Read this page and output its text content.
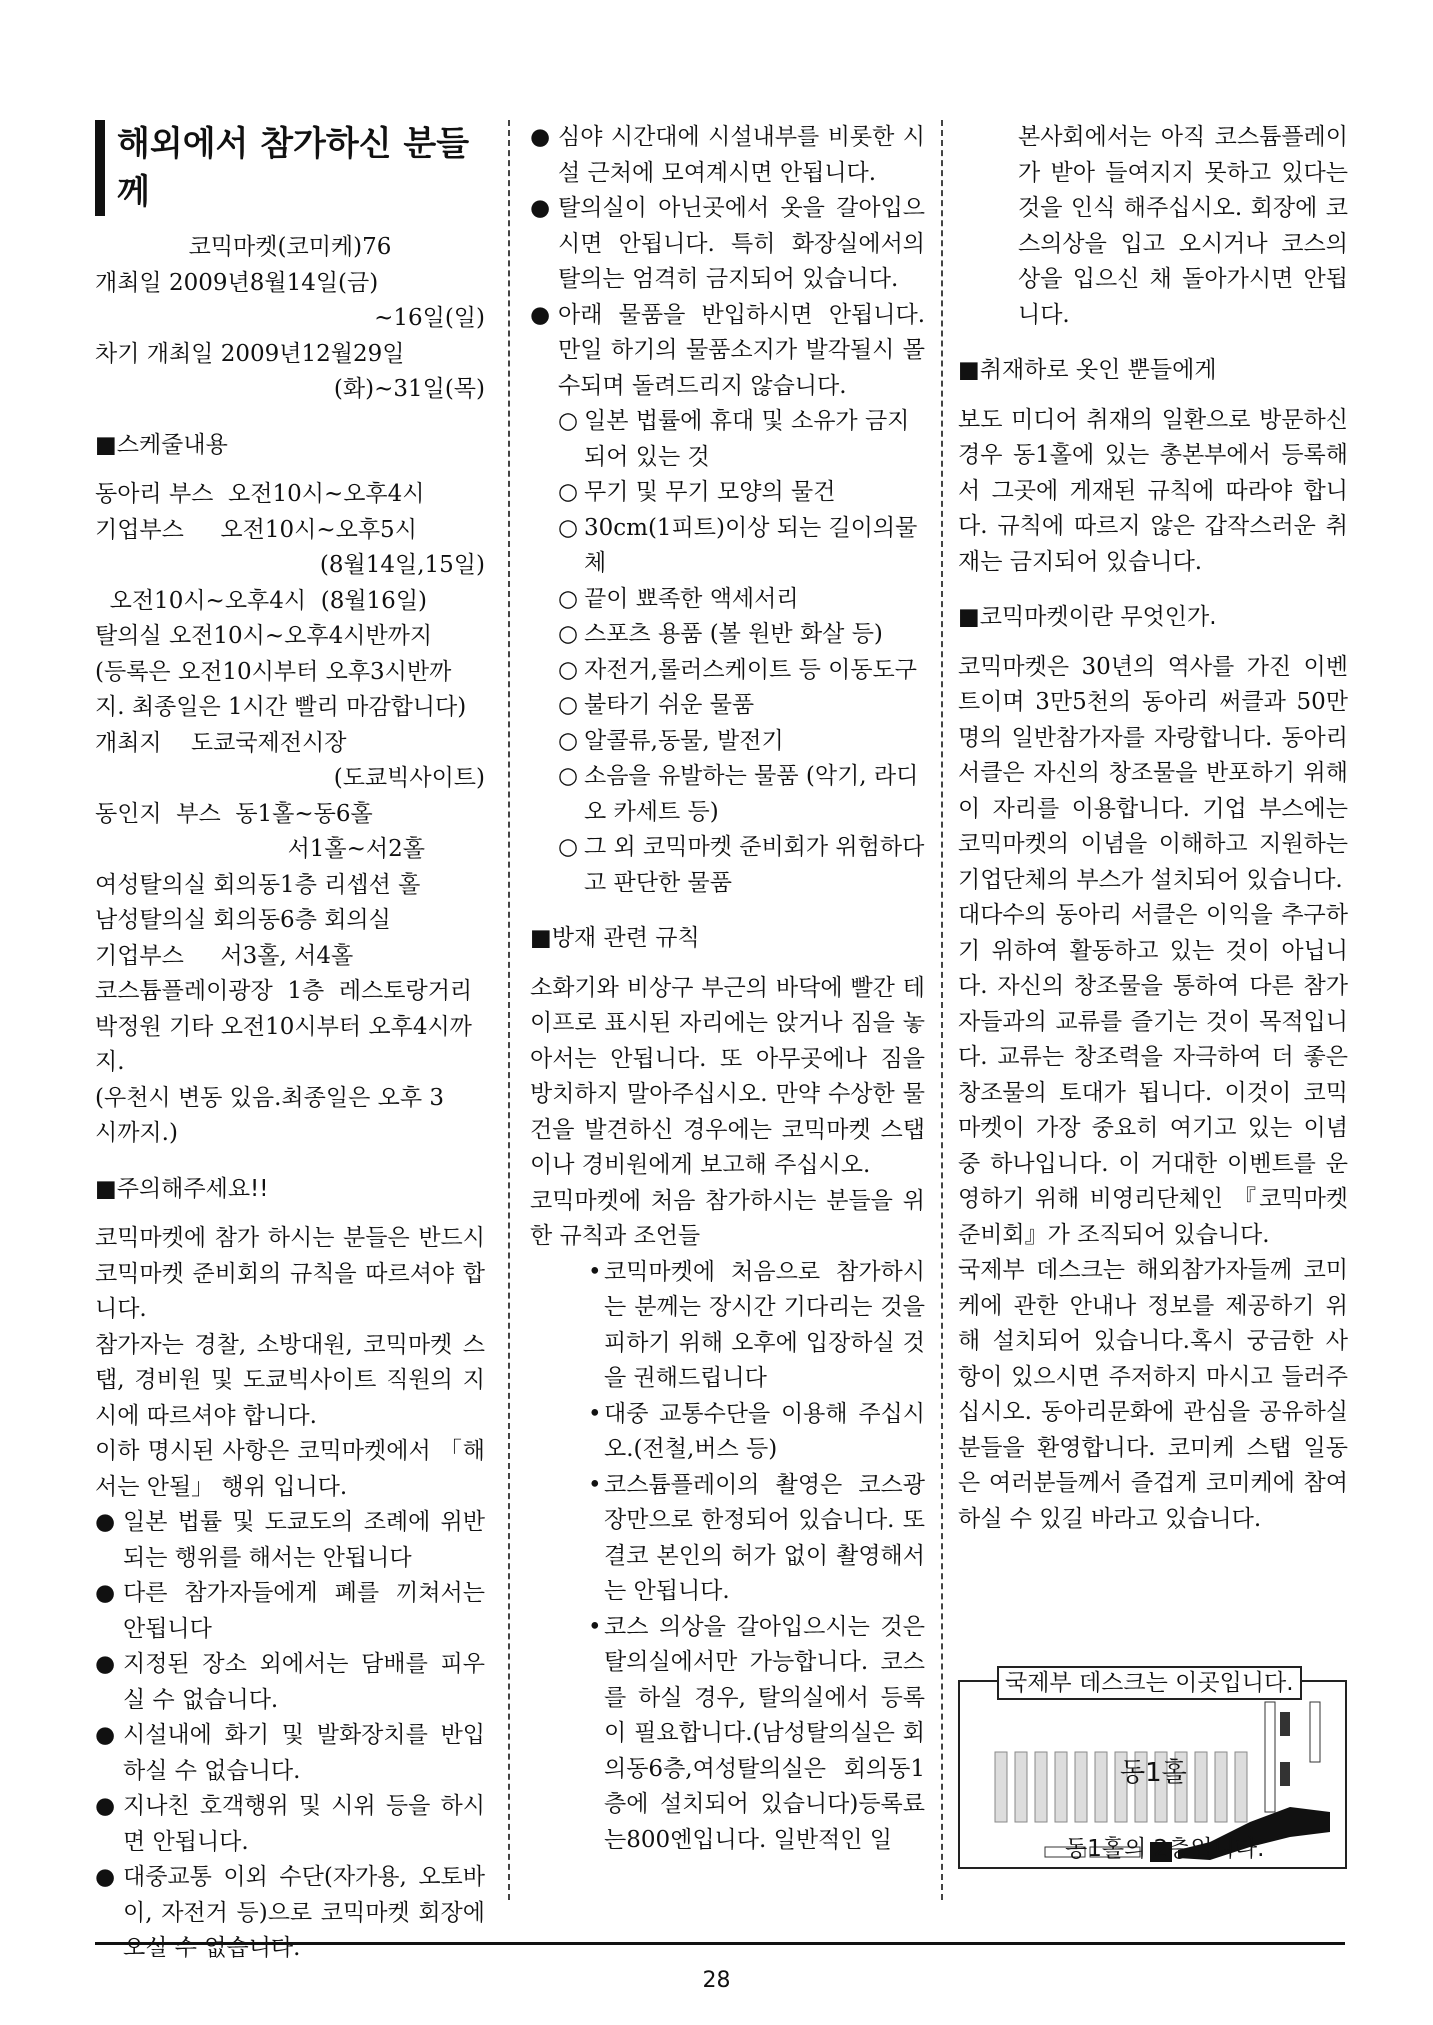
해외에서 참가하신 분들께
코믹마켓(코미케)76
개최일 2009년8월14일(금)
~16일(일)
차기 개최일 2009년12월29일
(화)~31일(목)
■스케줄내용
동아리 부스  오전10시~오후4시
기업부스     오전10시~오후5시
(8월14일,15일)
오전10시~오후4시  (8월16일)
탈의실 오전10시~오후4시반까지
(등록은 오전10시부터 오후3시반까
지. 최종일은 1시간 빨리 마감합니다)
개최지    도쿄국제전시장
(도쿄빅사이트)
동인지  부스  동1홀~동6홀
서1홀~서2홀
여성탈의실 회의동1층 리셉션 홀
남성탈의실 회의동6층 회의실
기업부스     서3홀, 서4홀
코스튬플레이광장  1층  레스토랑거리
박정원 기타 오전10시부터 오후4시까지.
(우천시 변동 있음.최종일은 오후 3
시까지.)
■주의해주세요!!

코믹마켓에 참가 하시는 분들은 반드시 코믹마켓 준비회의 규칙을 따르셔야 합니다.

참가자는 경찰, 소방대원, 코믹마켓 스탭, 경비원 및 도쿄빅사이트 직원의 지시에 따르셔야 합니다.

이하 명시된 사항은 코믹마켓에서 「해서는 안될」 행위 입니다.

● 일본 법률 및 도쿄도의 조례에 위반되는 행위를 해서는 안됩니다
● 다른 참가자들에게 폐를 끼쳐서는 안됩니다
● 지정된 장소 외에서는 담배를 피우실 수 없습니다.
● 시설내에 화기 및 발화장치를 반입하실 수 없습니다.
● 지나친 호객행위 및 시위 등을 하시면 안됩니다.
● 대중교통 이외 수단(자가용, 오토바이, 자전거 등)으로 코믹마켓 회장에 오실 수 없습니다.
● 심야 시간대에 시설내부를 비롯한 시설 근처에 모여계시면 안됩니다.
● 탈의실이 아닌곳에서 옷을 갈아입으시면 안됩니다. 특히 화장실에서의 탈의는 엄격히 금지되어 있습니다.
● 아래 물품을 반입하시면 안됩니다. 만일 하기의 물품소지가 발각될시 몰수되며 돌려드리지 않습니다.
○ 일본 법률에 휴대 및 소유가 금지되어 있는 것
○ 무기 및 무기 모양의 물건
○ 30cm(1피트)이상 되는 길이의물체
○ 끝이 뾰족한 액세서리
○ 스포츠 용품 (볼 원반 화살 등)
○ 자전거,롤러스케이트 등 이동도구
○ 불타기 쉬운 물품
○ 알콜류,동물, 발전기
○ 소음을 유발하는 물품 (악기, 라디오 카세트 등)
○ 그 외 코믹마켓 준비회가 위험하다고 판단한 물품
■방재 관련 규칙

소화기와 비상구 부근의 바닥에 빨간 테이프로 표시된 자리에는 앉거나 짐을 놓아서는 안됩니다. 또 아무곳에나 짐을 방치하지 말아주십시오. 만약 수상한 물건을 발견하신 경우에는 코믹마켓 스탭이나 경비원에게 보고해 주십시오.

코믹마켓에 처음 참가하시는 분들을 위한 규칙과 조언들

• 코믹마켓에 처음으로 참가하시는 분께는 장시간 기다리는 것을 피하기 위해 오후에 입장하실 것을 권해드립니다
• 대중 교통수단을 이용해 주십시오.(전철,버스 등)
• 코스튬플레이의 촬영은 코스광장만으로 한정되어 있습니다. 또 결코 본인의 허가 없이 촬영해서는 안됩니다.
• 코스 의상을 갈아입으시는 것은 탈의실에서만 가능합니다. 코스를 하실 경우, 탈의실에서 등록이 필요합니다.(남성탈의실은 회의동6층,여성탈의실은 회의동1층에 설치되어 있습니다)등록료는800엔입니다. 일반적인 일

본사회에서는 아직 코스튬플레이가 받아 들여지지 못하고 있다는 것을 인식 해주십시오. 회장에 코스의상을 입고 오시거나 코스의상을 입으신 채 돌아가시면 안됩니다.

■취재하로 옷인 뿐들에게

보도 미디어 취재의 일환으로 방문하신 경우 동1홀에 있는 총본부에서 등록해서 그곳에 게재된 규칙에 따라야 합니다. 규칙에 따르지 않은 갑작스러운 취재는 금지되어 있습니다.

■코믹마켓이란 무엇인가.

코믹마켓은 30년의 역사를 가진 이벤트이며 3만5천의 동아리 써클과 50만명의 일반참가자를 자랑합니다. 동아리 서클은 자신의 창조물을 반포하기 위해 이 자리를 이용합니다. 기업 부스에는 코믹마켓의 이념을 이해하고 지원하는 기업단체의 부스가 설치되어 있습니다.

대다수의 동아리 서클은 이익을 추구하기 위하여 활동하고 있는 것이 아닙니다. 자신의 창조물을 통하여 다른 참가자들과의 교류를 즐기는 것이 목적입니다. 교류는 창조력을 자극하여 더 좋은 창조물의 토대가 됩니다. 이것이 코믹마켓이 가장 중요히 여기고 있는 이념 중 하나입니다. 이 거대한 이벤트를 운영하기 위해 비영리단체인 『코믹마켓 준비회』가 조직되어 있습니다.

국제부 데스크는 해외참가자들께 코미케에 관한 안내나 정보를 제공하기 위해 설치되어 있습니다.혹시 궁금한 사항이 있으시면 주저하지 마시고 들러주십시오. 동아리문화에 관심을 공유하실 분들을 환영합니다. 코미케 스탭 일동은 여러분들께서 즐겁게 코미케에 참여하실 수 있길 바라고 있습니다.

국제부 데스크는 이곳입니다.
동1홀
동1홀의 2층입니다.
28
